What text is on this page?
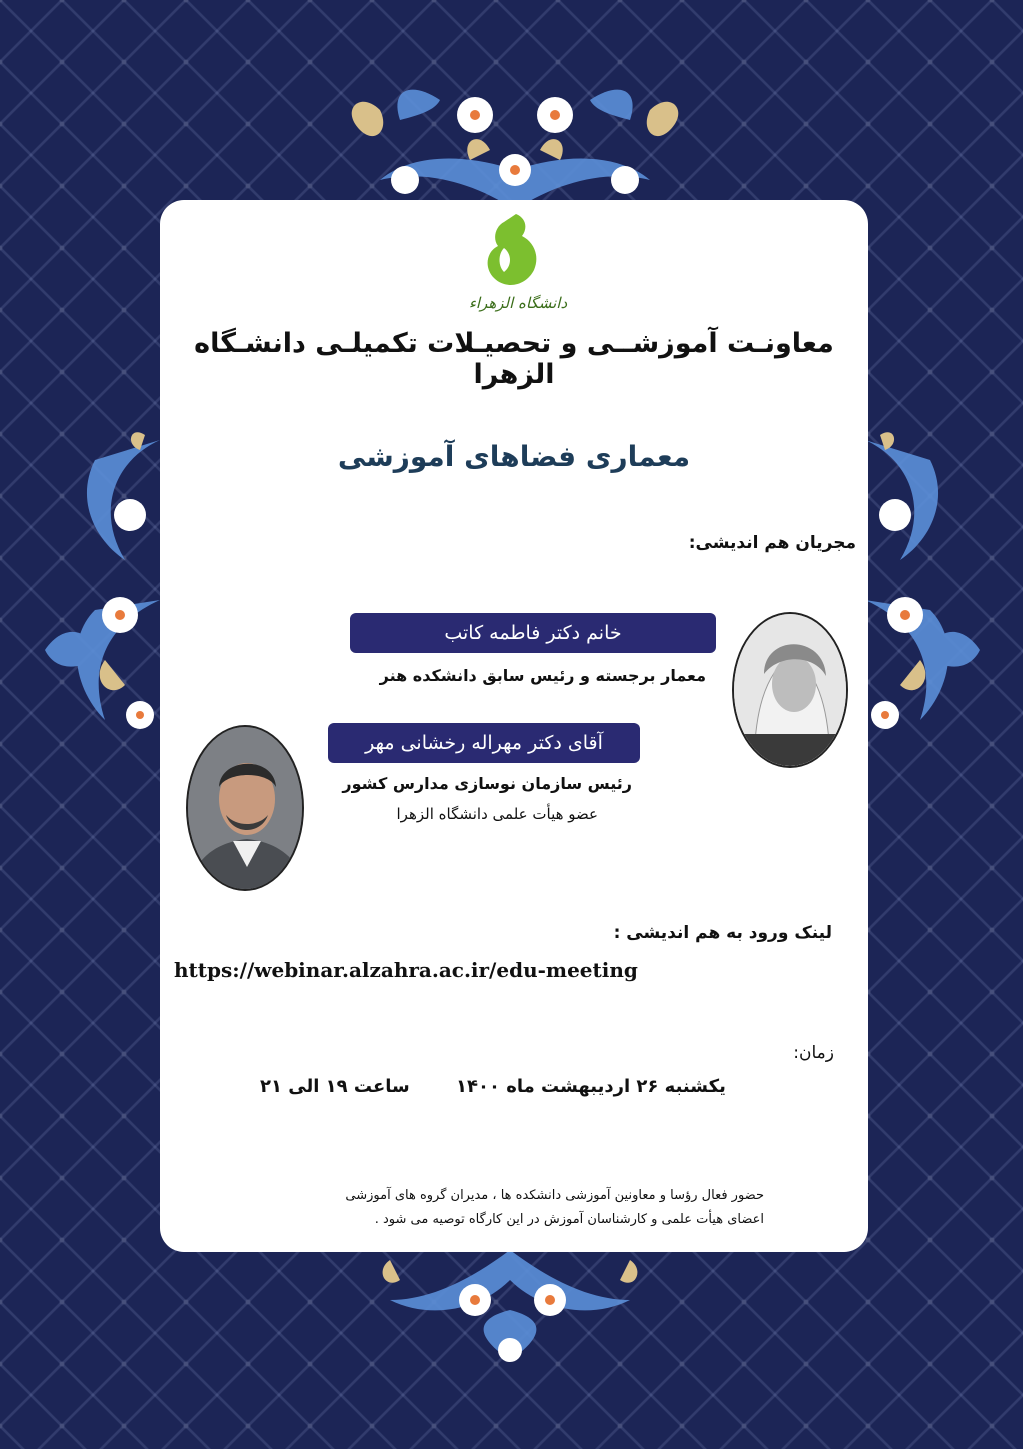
دانشگاه الزهراء
معاونـت آموزشــی و تحصیـلات تکمیلـی دانشـگاه الزهرا
معماری فضاهای آموزشی
مجریان هم اندیشی:
خانم دکتر فاطمه کاتب
معمار برجسته و رئیس سابق دانشکده هنر
آقای دکتر مهراله رخشانی مهر
رئیس سازمان نوسازی مدارس کشور
عضو هیأت علمی دانشگاه الزهرا
لینک ورود به هم اندیشی :
https://webinar.alzahra.ac.ir/edu-meeting
زمان:
یکشنبه ۲۶ اردیبهشت ماه ۱۴۰۰
ساعت ۱۹ الی ۲۱
حضور فعال رؤسا و معاونین آموزشی دانشکده ها ، مدیران گروه های آموزشی
اعضای هیأت علمی و کارشناسان آموزش در این کارگاه توصیه می شود .
